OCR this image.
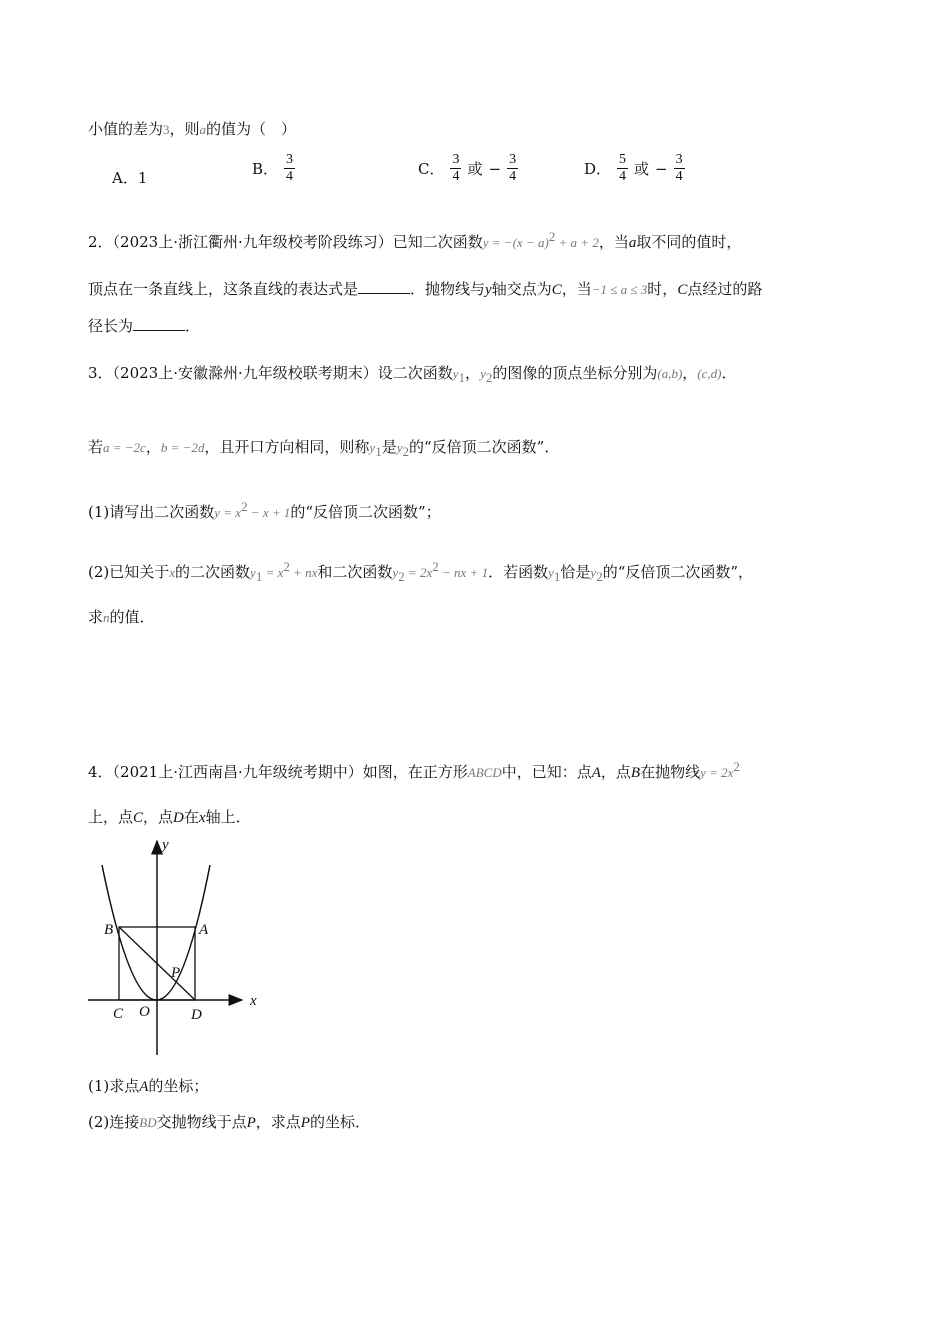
小值的差为3，则a的值为（　）
A．1	B． $\frac{3}{4}$	C． $\frac{3}{4}$ 或 − $\frac{3}{4}$	D． $\frac{5}{4}$ 或 − $\frac{3}{4}$
2．（2023上·浙江衢州·九年级校考阶段练习）已知二次函数$y = -(x - a)^2 + a + 2$，当a取不同的值时，
顶点在一条直线上，这条直线的表达式是	．抛物线与y轴交点为C，当−1 ≤ a ≤ 3时，C点经过的路
径长为	．
3．（2023上·安徽滁州·九年级校联考期末）设二次函数$y_1$，$y_2$的图像的顶点坐标分别为(a,b)，(c,d)．
若a = −2c，b = −2d，且开口方向相同，则称$y_1$是$y_2$的“反倍顶二次函数”．
(1)请写出二次函数$y = x^2 - x + 1$的“反倍顶二次函数”；
(2)已知关于x的二次函数$y_1 = x^2$ + nx和二次函数$y_2 = 2x^2$ − nx + 1．若函数$y_1$恰是$y_2$的“反倍顶二次函数”，
求n的值．
4．（2021上·江西南昌·九年级统考期中）如图，在正方形ABCD中，已知：点A，点B在抛物线$y = 2x^2$
上，点C，点D在x轴上．
y
x
B	A
P
C O	D
(1)求点A的坐标；
(2)连接BD交抛物线于点P，求点P的坐标．
